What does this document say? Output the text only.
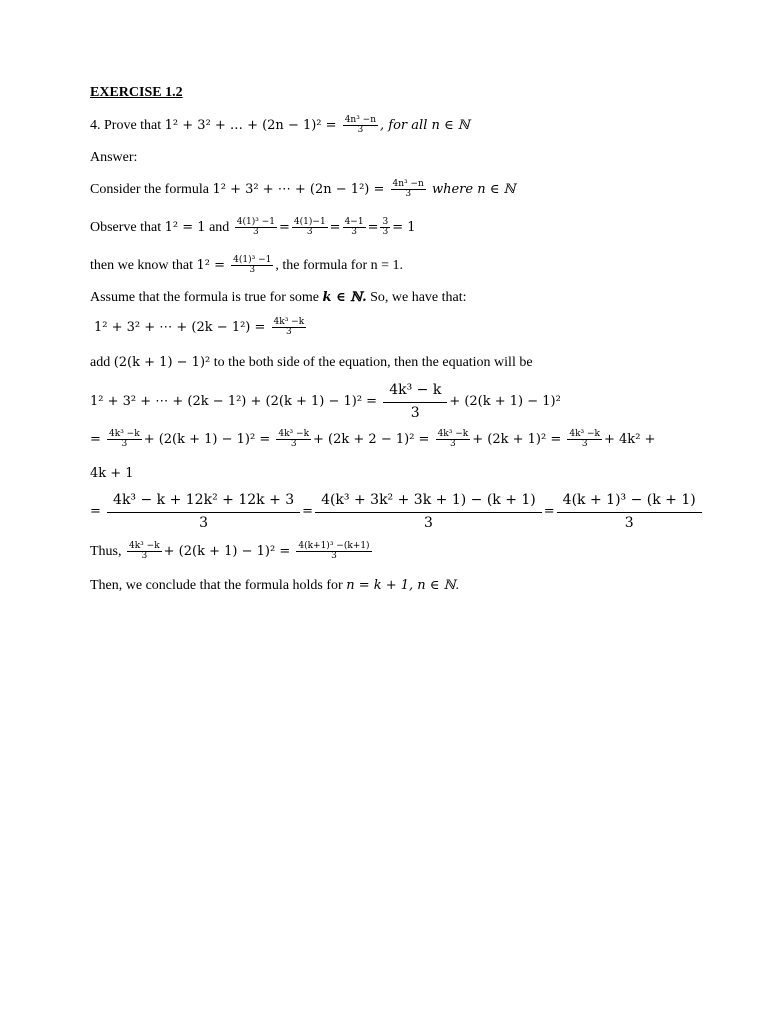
EXERCISE 1.2
4. Prove that 1² + 3² + … + $(2n - 1)^2 = \frac{\text{4n³ −n}}{3}$ , for all n ∈ ℕ
Answer:
Consider the formula 1² + 3² + ⋯ + $(2n - 1^2) = \frac{\text{4n³ −n}}{3}$ where n ∈ ℕ
Observe that 1² = 1 and $\frac{\text{4(1)³ −1}}{3} = \frac{4(1)-1}{3} = \frac{4-1}{3} = \frac{3}{3} = 1$
then we know that $1^2 = \frac{\text{4(1)³ −1}}{3}$ , the formula for n = 1.
Assume that the formula is true for some k ∈ ℕ. So, we have that:
1² + 3² + ⋯ + $(2k - 1^2) = \frac{\text{4k³ −k}}{3}$
add (2(k + 1) − 1)² to the both side of the equation, then the equation will be
1² + 3² + ⋯ + $(2k - 1^2) + (2(k + 1) - 1)^2 = \frac{\text{4k³ − k}}{3} + (2(k + 1) - 1)^2$
= $\frac{\text{4k³ −k}}{3} + (2(k + 1) - 1)^2 = \frac{\text{4k³ −k}}{3} + (2k + 2 - 1)^2 = \frac{\text{4k³ −k}}{3} + (2k + 1)^2 = \frac{\text{4k³ −k}}{3} + 4k^2$ +
4k + 1
= $\frac{\text{4k³ − k + 12k² + 12k + 3}}{3} = \frac{\text{4(k³ + 3k² + 3k + 1) − (k + 1)}}{3} = \frac{\text{4(k + 1)³ − (k + 1)}}{3}$
Thus, $\frac{\text{4k³ −k}}{3} + (2(k + 1) - 1)^2 = \frac{\text{4(k+1)³ −(k+1)}}{3}$
Then, we conclude that the formula holds for n = k + 1, n ∈ ℕ.
